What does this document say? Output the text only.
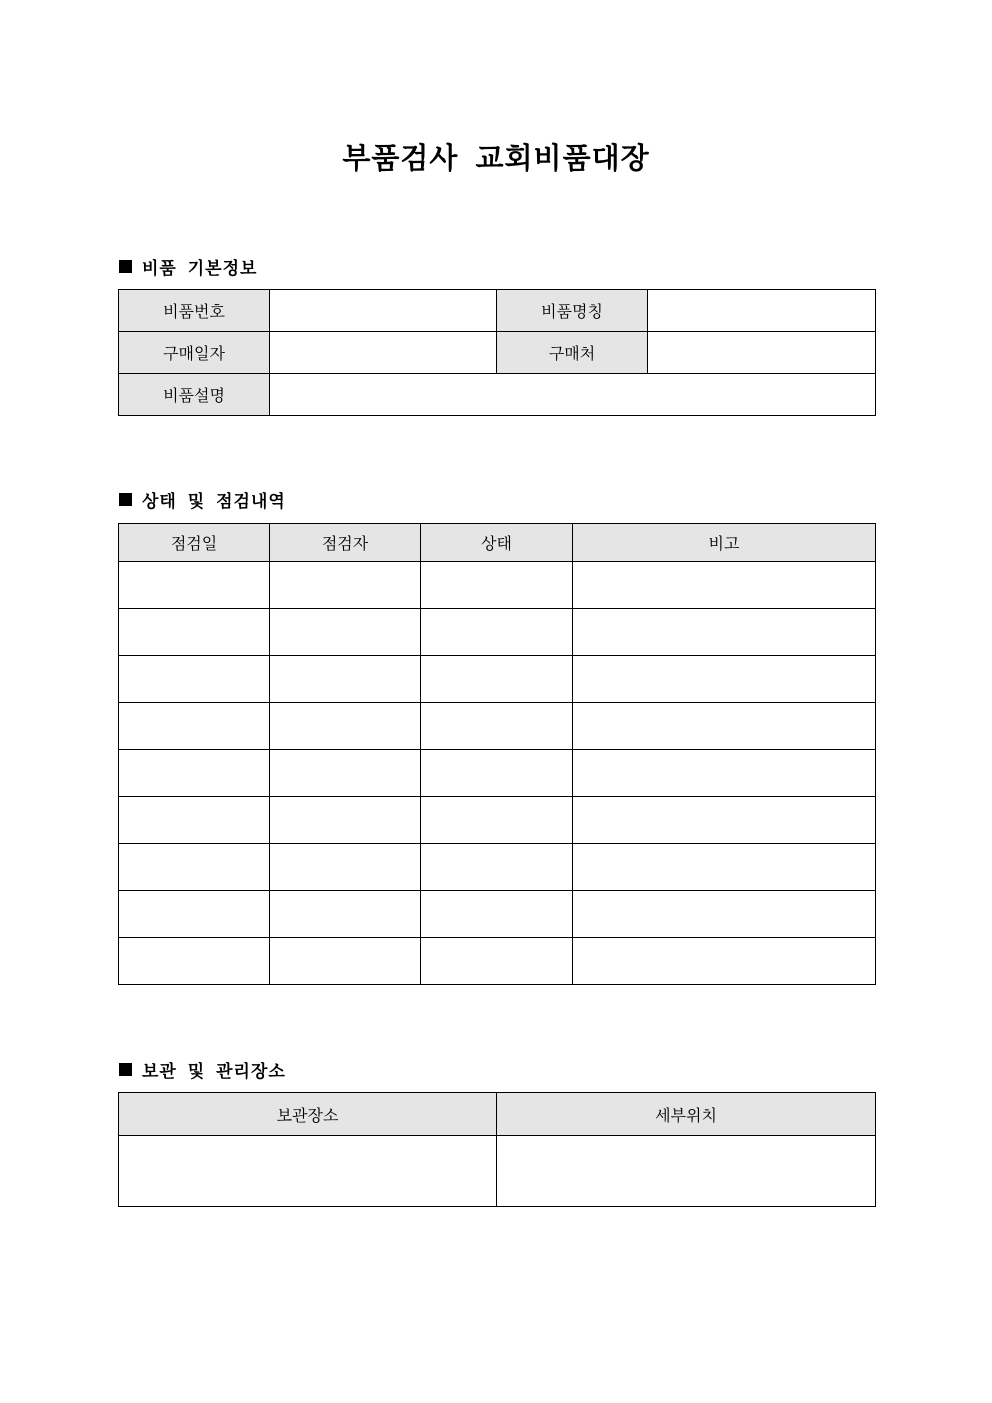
부품검사 교회비품대장
비품 기본정보
비품번호		비품명칭	
구매일자		구매처	
비품설명			
상태 및 점검내역
점검일	점검자	상태	비고

보관 및 관리장소
보관장소	세부위치
